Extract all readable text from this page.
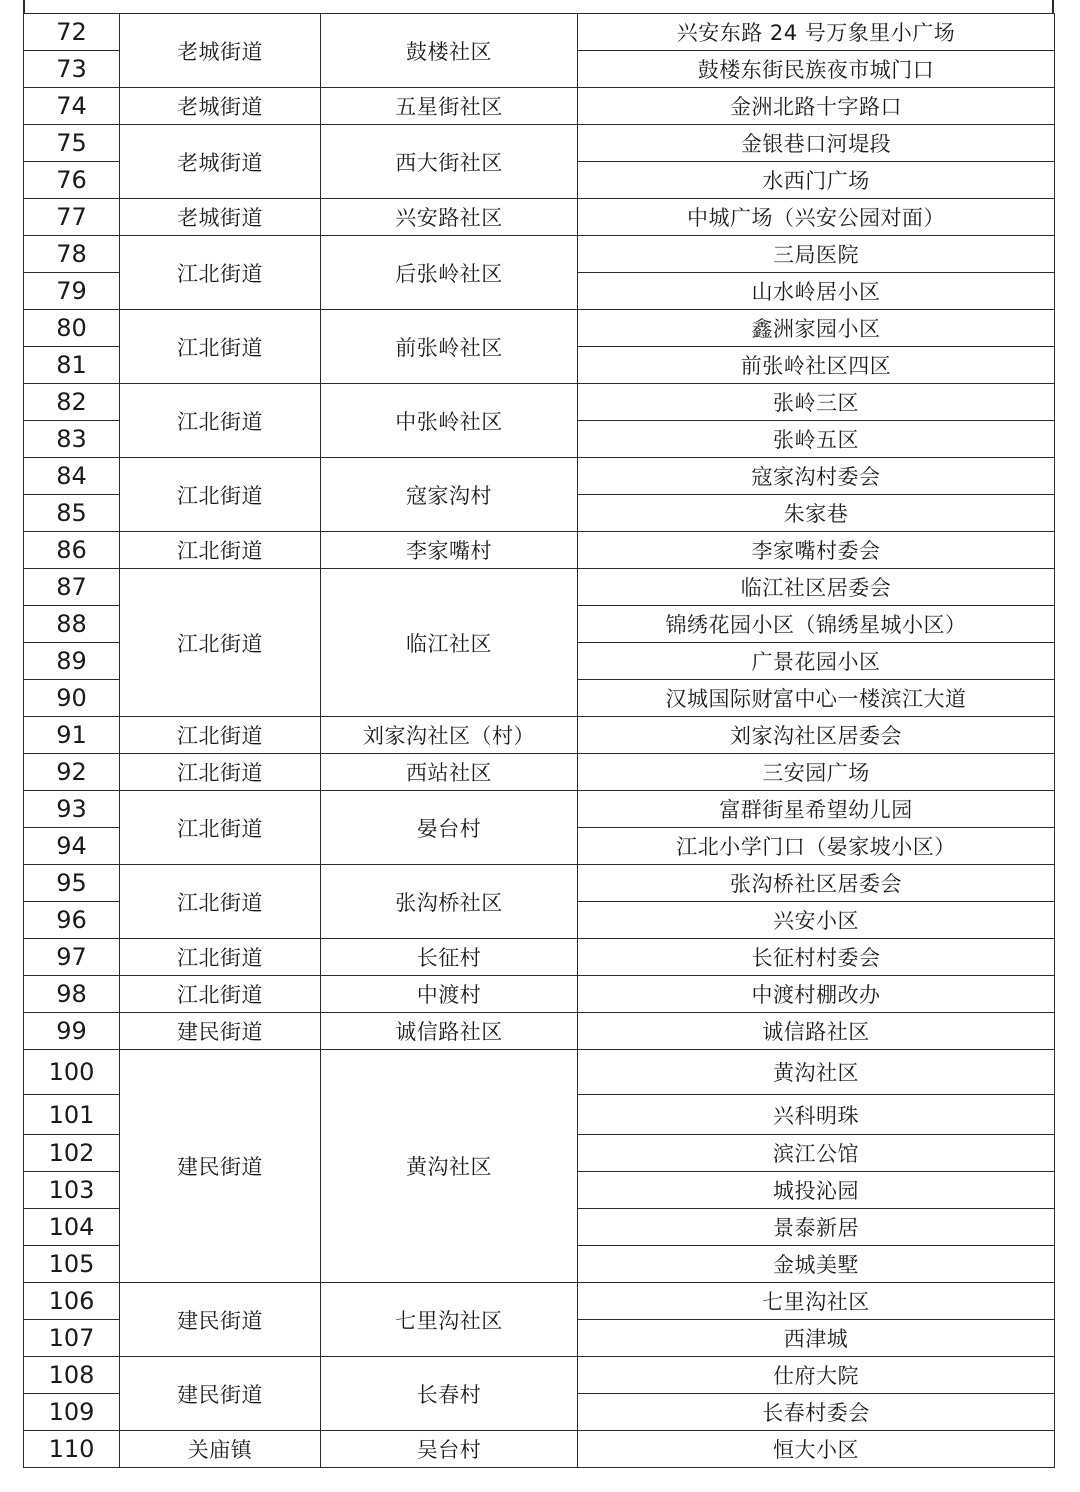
72	老城街道	鼓楼社区	兴安东路 24 号万象里小广场
73			鼓楼东街民族夜市城门口
74	老城街道	五星街社区	金洲北路十字路口
75	老城街道	西大街社区	金银巷口河堤段
76			水西门广场
77	老城街道	兴安路社区	中城广场（兴安公园对面）
78	江北街道	后张岭社区	三局医院
79			山水岭居小区
80	江北街道	前张岭社区	鑫洲家园小区
81			前张岭社区四区
82	江北街道	中张岭社区	张岭三区
83			张岭五区
84	江北街道	寇家沟村	寇家沟村委会
85			朱家巷
86	江北街道	李家嘴村	李家嘴村委会
87	江北街道	临江社区	临江社区居委会
88			锦绣花园小区（锦绣星城小区）
89			广景花园小区
90			汉城国际财富中心一楼滨江大道
91	江北街道	刘家沟社区（村）	刘家沟社区居委会
92	江北街道	西站社区	三安园广场
93	江北街道	晏台村	富群街星希望幼儿园
94			江北小学门口（晏家坡小区）
95	江北街道	张沟桥社区	张沟桥社区居委会
96			兴安小区
97	江北街道	长征村	长征村村委会
98	江北街道	中渡村	中渡村棚改办
99	建民街道	诚信路社区	诚信路社区
100	建民街道	黄沟社区	黄沟社区
101			兴科明珠
102			滨江公馆
103			城投沁园
104			景泰新居
105			金城美墅
106	建民街道	七里沟社区	七里沟社区
107			西津城
108	建民街道	长春村	仕府大院
109			长春村委会
110	关庙镇	吴台村	恒大小区
